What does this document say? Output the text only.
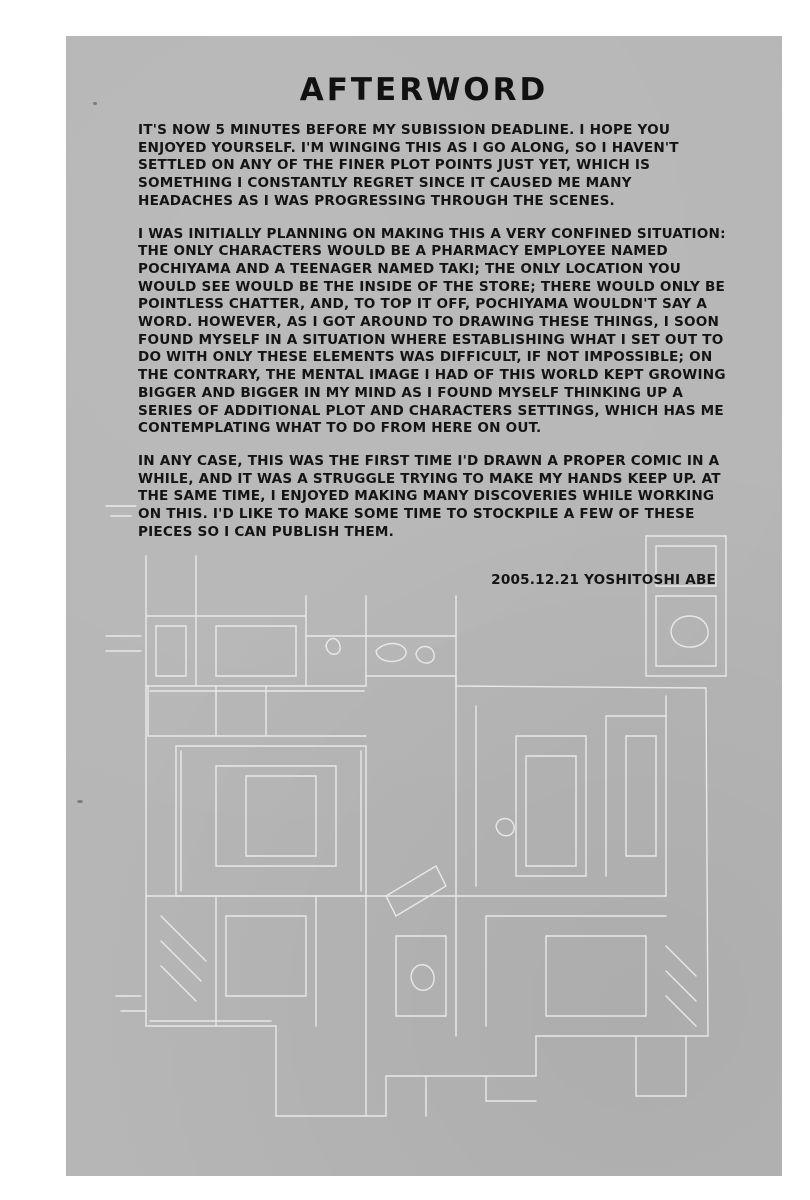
AFTERWORD

IT'S NOW 5 MINUTES BEFORE MY SUBISSION DEADLINE. I HOPE YOU ENJOYED YOURSELF. I'M WINGING THIS AS I GO ALONG, SO I HAVEN'T SETTLED ON ANY OF THE FINER PLOT POINTS JUST YET, WHICH IS SOMETHING I CONSTANTLY REGRET SINCE IT CAUSED ME MANY HEADACHES AS I WAS PROGRESSING THROUGH THE SCENES.

I WAS INITIALLY PLANNING ON MAKING THIS A VERY CONFINED SITUATION: THE ONLY CHARACTERS WOULD BE A PHARMACY EMPLOYEE NAMED POCHIYAMA AND A TEENAGER NAMED TAKI; THE ONLY LOCATION YOU WOULD SEE WOULD BE THE INSIDE OF THE STORE; THERE WOULD ONLY BE POINTLESS CHATTER, AND, TO TOP IT OFF, POCHIYAMA WOULDN'T SAY A WORD. HOWEVER, AS I GOT AROUND TO DRAWING THESE THINGS, I SOON FOUND MYSELF IN A SITUATION WHERE ESTABLISHING WHAT I SET OUT TO DO WITH ONLY THESE ELEMENTS WAS DIFFICULT, IF NOT IMPOSSIBLE; ON THE CONTRARY, THE MENTAL IMAGE I HAD OF THIS WORLD KEPT GROWING BIGGER AND BIGGER IN MY MIND AS I FOUND MYSELF THINKING UP A SERIES OF ADDITIONAL PLOT AND CHARACTERS SETTINGS, WHICH HAS ME CONTEMPLATING WHAT TO DO FROM HERE ON OUT.

IN ANY CASE, THIS WAS THE FIRST TIME I'D DRAWN A PROPER COMIC IN A WHILE, AND IT WAS A STRUGGLE TRYING TO MAKE MY HANDS KEEP UP. AT THE SAME TIME, I ENJOYED MAKING MANY DISCOVERIES WHILE WORKING ON THIS. I'D LIKE TO MAKE SOME TIME TO STOCKPILE A FEW OF THESE PIECES SO I CAN PUBLISH THEM.

2005.12.21 YOSHITOSHI ABE
